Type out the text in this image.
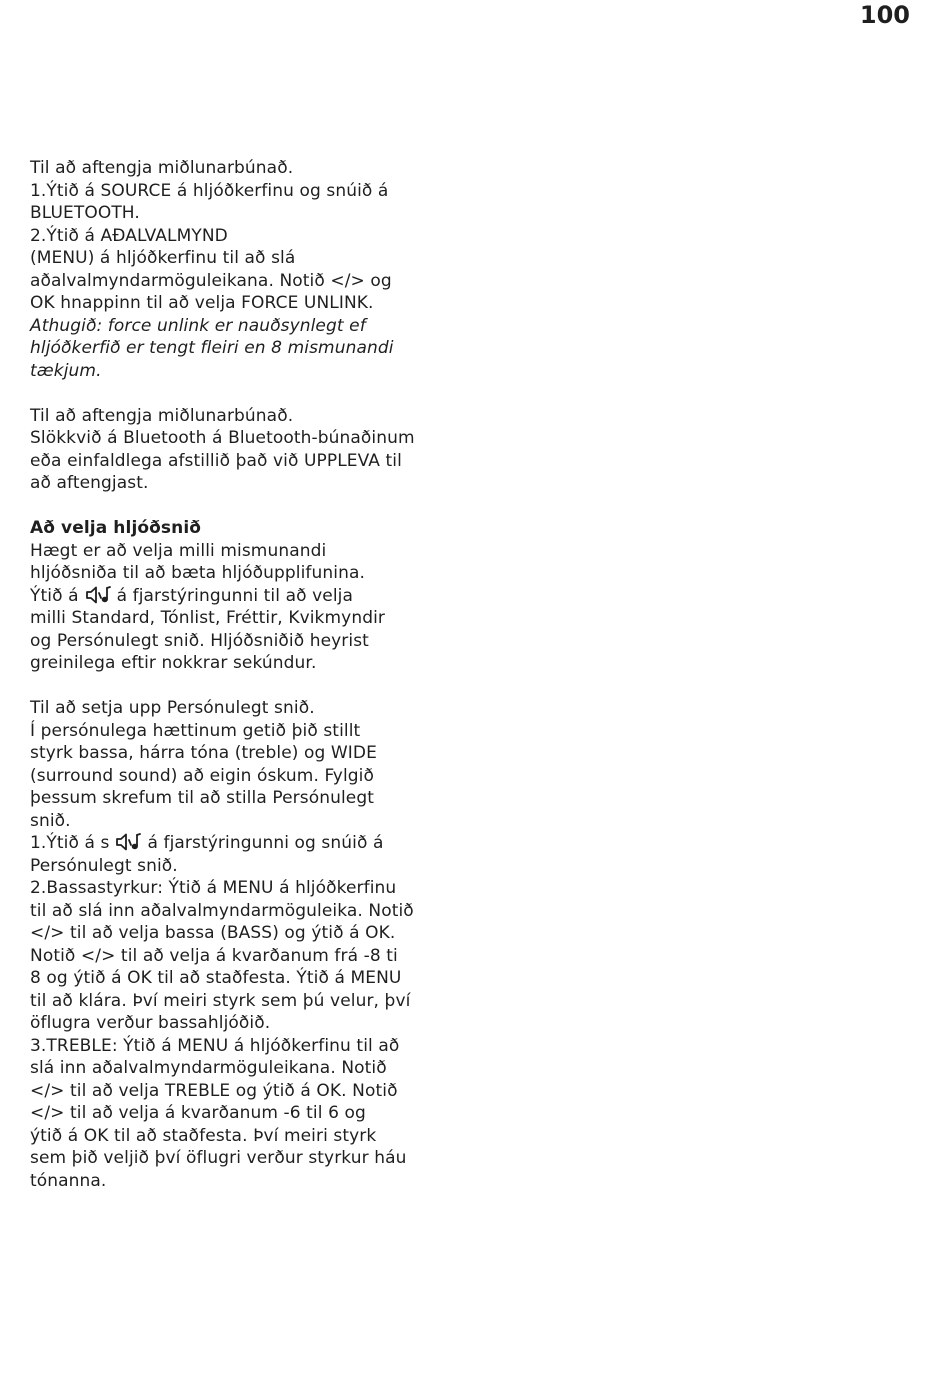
100
Til að aftengja miðlunarbúnað.
1.Ýtið á SOURCE á hljóðkerfinu og snúið á
BLUETOOTH.
2.Ýtið á AÐALVALMYND
(MENU) á hljóðkerfinu til að slá
aðalvalmyndarmöguleikana. Notið </> og
OK hnappinn til að velja FORCE UNLINK.
Athugið: force unlink er nauðsynlegt ef
hljóðkerfið er tengt fleiri en 8 mismunandi
tækjum.
Til að aftengja miðlunarbúnað.
Slökkvið á Bluetooth á Bluetooth-búnaðinum
eða einfaldlega afstillið það við UPPLEVA til
að aftengjast.
Að velja hljóðsnið
Hægt er að velja milli mismunandi
hljóðsniða til að bæta hljóðupplifunina.
Ýtið á á fjarstýringunni til að velja
milli Standard, Tónlist, Fréttir, Kvikmyndir
og Persónulegt snið. Hljóðsniðið heyrist
greinilega eftir nokkrar sekúndur.
Til að setja upp Persónulegt snið.
Í persónulega hættinum getið þið stillt
styrk bassa, hárra tóna (treble) og WIDE
(surround sound) að eigin óskum. Fylgið
þessum skrefum til að stilla Persónulegt
snið.
1.Ýtið á s á fjarstýringunni og snúið á
Persónulegt snið.
2.Bassastyrkur: Ýtið á MENU á hljóðkerfinu
til að slá inn aðalvalmyndarmöguleika. Notið
</> til að velja bassa (BASS) og ýtið á OK.
Notið </> til að velja á kvarðanum frá -8 ti
8 og ýtið á OK til að staðfesta. Ýtið á MENU
til að klára. Því meiri styrk sem þú velur, því
öflugra verður bassahljóðið.
3.TREBLE: Ýtið á MENU á hljóðkerfinu til að
slá inn aðalvalmyndarmöguleikana. Notið
</> til að velja TREBLE og ýtið á OK. Notið
</> til að velja á kvarðanum -6 til 6 og
ýtið á OK til að staðfesta. Því meiri styrk
sem þið veljið því öflugri verður styrkur háu
tónanna.
